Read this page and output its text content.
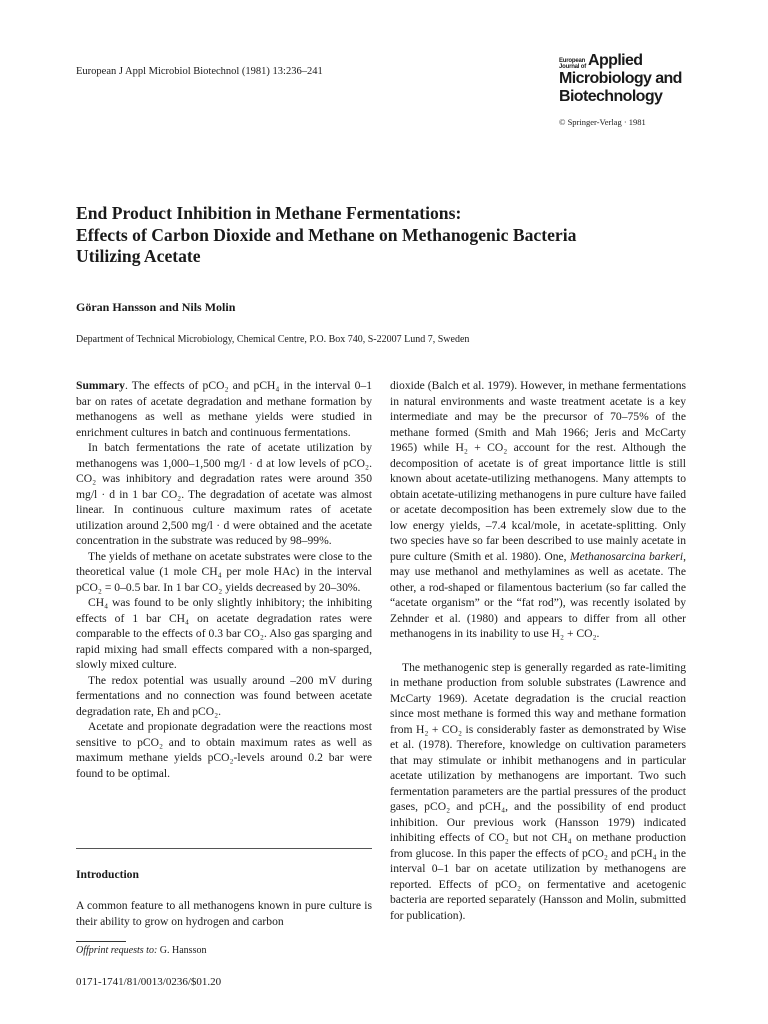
European J Appl Microbiol Biotechnol (1981) 13:236–241
European
Journal of Applied
Microbiology and
Biotechnology
© Springer-Verlag · 1981
End Product Inhibition in Methane Fermentations:
Effects of Carbon Dioxide and Methane on Methanogenic Bacteria
Utilizing Acetate
Göran Hansson and Nils Molin
Department of Technical Microbiology, Chemical Centre, P.O. Box 740, S-22007 Lund 7, Sweden

Summary. The effects of pCO₂ and pCH₄ in the interval 0–1 bar on rates of acetate degradation and methane formation by methanogens as well as methane yields were studied in enrichment cultures in batch and continuous fermentations.

In batch fermentations the rate of acetate utilization by methanogens was 1,000–1,500 mg/l · d at low levels of pCO₂. CO₂ was inhibitory and degradation rates were around 350 mg/l · d in 1 bar CO₂. The degradation of acetate was almost linear. In continuous culture maximum rates of acetate utilization around 2,500 mg/l · d were obtained and the acetate concentration in the substrate was reduced by 98–99%.

The yields of methane on acetate substrates were close to the theoretical value (1 mole CH₄ per mole HAc) in the interval pCO₂ = 0–0.5 bar. In 1 bar CO₂ yields decreased by 20–30%.

CH₄ was found to be only slightly inhibitory; the inhibiting effects of 1 bar CH₄ on acetate degradation rates were comparable to the effects of 0.3 bar CO₂. Also gas sparging and rapid mixing had small effects compared with a non-sparged, slowly mixed culture.

The redox potential was usually around –200 mV during fermentations and no connection was found between acetate degradation rate, Eh and pCO₂.

Acetate and propionate degradation were the reactions most sensitive to pCO₂ and to obtain maximum rates as well as maximum methane yields pCO₂-levels around 0.2 bar were found to be optimal.

Introduction
A common feature to all methanogens known in pure culture is their ability to grow on hydrogen and carbon
Offprint requests to: G. Hansson
0171-1741/81/0013/0236/$01.20

dioxide (Balch et al. 1979). However, in methane fermentations in natural environments and waste treatment acetate is a key intermediate and may be the precursor of 70–75% of the methane formed (Smith and Mah 1966; Jeris and McCarty 1965) while H₂ + CO₂ account for the rest. Although the decomposition of acetate is of great importance little is still known about acetate-utilizing methanogens. Many attempts to obtain acetate-utilizing methanogens in pure culture have failed or acetate decomposition has been extremely slow due to the low energy yields, –7.4 kcal/mole, in acetate-splitting. Only two species have so far been described to use mainly acetate in pure culture (Smith et al. 1980). One, Methanosarcina barkeri, may use methanol and methylamines as well as acetate. The other, a rod-shaped or filamentous bacterium (so far called the “acetate organism” or the “fat rod”), was recently isolated by Zehnder et al. (1980) and appears to differ from all other methanogens in its inability to use H₂ + CO₂.

The methanogenic step is generally regarded as rate-limiting in methane production from soluble substrates (Lawrence and McCarty 1969). Acetate degradation is the crucial reaction since most methane is formed this way and methane formation from H₂ + CO₂ is considerably faster as demonstrated by Wise et al. (1978). Therefore, knowledge on cultivation parameters that may stimulate or inhibit methanogens and in particular acetate utilization by methanogens are important. Two such fermentation parameters are the partial pressures of the product gases, pCO₂ and pCH₄, and the possibility of end product inhibition. Our previous work (Hansson 1979) indicated inhibiting effects of CO₂ but not CH₄ on methane production from glucose. In this paper the effects of pCO₂ and pCH₄ in the interval 0–1 bar on acetate utilization by methanogens are reported. Effects of pCO₂ on fermentative and acetogenic bacteria are reported separately (Hansson and Molin, submitted for publication).
